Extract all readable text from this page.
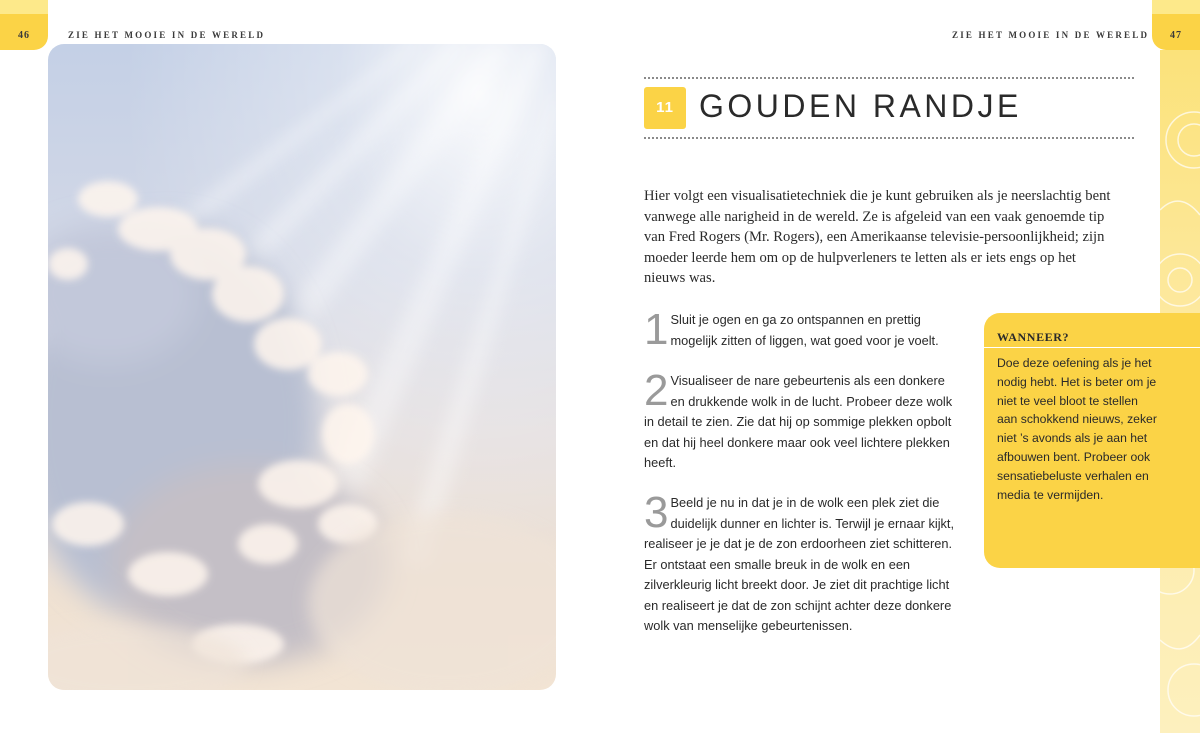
46	ZIE HET MOOIE IN DE WERELD	ZIE HET MOOIE IN DE WERELD	47
11 GOUDEN RANDJE
Hier volgt een visualisatietechniek die je kunt gebruiken als je neerslachtig bent vanwege alle narigheid in de wereld. Ze is afgeleid van een vaak genoemde tip van Fred Rogers (Mr. Rogers), een Amerikaanse televisie-persoonlijkheid; zijn moeder leerde hem om op de hulpverleners te letten als er iets engs op het nieuws was.
1 Sluit je ogen en ga zo ontspannen en prettig mogelijk zitten of liggen, wat goed voor je voelt.
2 Visualiseer de nare gebeurtenis als een donkere en drukkende wolk in de lucht. Probeer deze wolk in detail te zien. Zie dat hij op sommige plekken opbolt en dat hij heel donkere maar ook veel lichtere plekken heeft.
3 Beeld je nu in dat je in de wolk een plek ziet die duidelijk dunner en lichter is. Terwijl je ernaar kijkt, realiseer je je dat je de zon erdoorheen ziet schitteren. Er ontstaat een smalle breuk in de wolk en een zilverkleurig licht breekt door. Je ziet dit prachtige licht en realiseert je dat de zon schijnt achter deze donkere wolk van menselijke gebeurtenissen.
WANNEER?
Doe deze oefening als je het nodig hebt. Het is beter om je niet te veel bloot te stellen aan schokkend nieuws, zeker niet ’s avonds als je aan het afbouwen bent. Probeer ook sensatiebeluste verhalen en media te vermijden.
